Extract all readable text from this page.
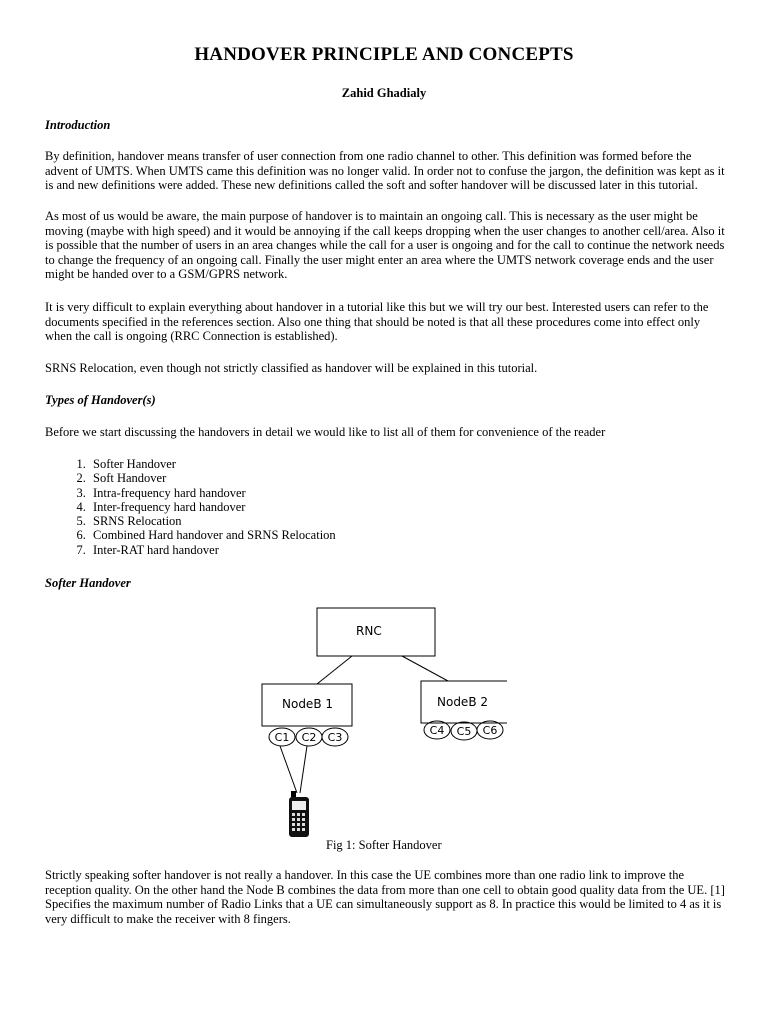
HANDOVER PRINCIPLE AND CONCEPTS
Zahid Ghadialy
Introduction

By definition, handover means transfer of user connection from one radio channel to other. This definition was formed before the advent of UMTS. When UMTS came this definition was no longer valid. In order not to confuse the jargon, the definition was kept as it is and new definitions were added. These new definitions called the soft and softer handover will be discussed later in this tutorial.

As most of us would be aware, the main purpose of handover is to maintain an ongoing call. This is necessary as the user might be moving (maybe with high speed) and it would be annoying if the call keeps dropping when the user changes to another cell/area. Also it is possible that the number of users in an area changes while the call for a user is ongoing and for the call to continue the network needs to change the frequency of an ongoing call. Finally the user might enter an area where the UMTS network coverage ends and the user might be handed over to a GSM/GPRS network.

It is very difficult to explain everything about handover in a tutorial like this but we will try our best. Interested users can refer to the documents specified in the references section. Also one thing that should be noted is that all these procedures come into effect only when the call is ongoing (RRC Connection is established).

SRNS Relocation, even though not strictly classified as handover will be explained in this tutorial.

Types of Handover(s)

Before we start discussing the handovers in detail we would like to list all of them for convenience of the reader

1. Softer Handover
2. Soft Handover
3. Intra-frequency hard handover
4. Inter-frequency hard handover
5. SRNS Relocation
6. Combined Hard handover and SRNS Relocation
7. Inter-RAT hard handover
Softer Handover
RNC
NodeB 1	NodeB 2
C1 C2 C3
C4 C5 C6
Fig 1: Softer Handover

Strictly speaking softer handover is not really a handover. In this case the UE combines more than one radio link to improve the reception quality. On the other hand the Node B combines the data from more than one cell to obtain good quality data from the UE. [1] Specifies the maximum number of Radio Links that a UE can simultaneously support as 8. In practice this would be limited to 4 as it is very difficult to make the receiver with 8 fingers.
